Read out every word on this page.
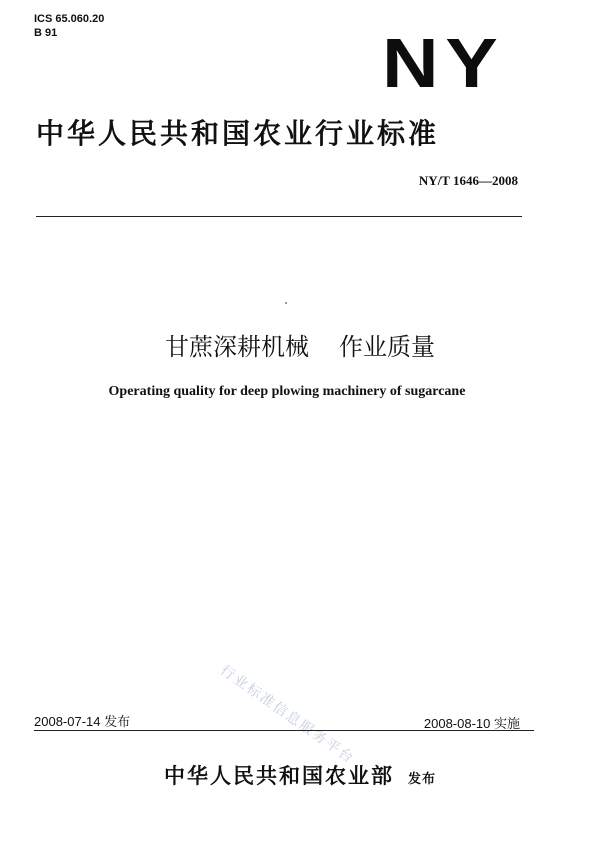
ICS 65.060.20
B 91	NY
中华人民共和国农业行业标准
NY/T 1646—2008
甘蔗深耕机械 作业质量
Operating quality for deep plowing machinery of sugarcane
行业标准信息服务平台
2008-07-14 发布	2008-08-10 实施
中华人民共和国农业部 发布
